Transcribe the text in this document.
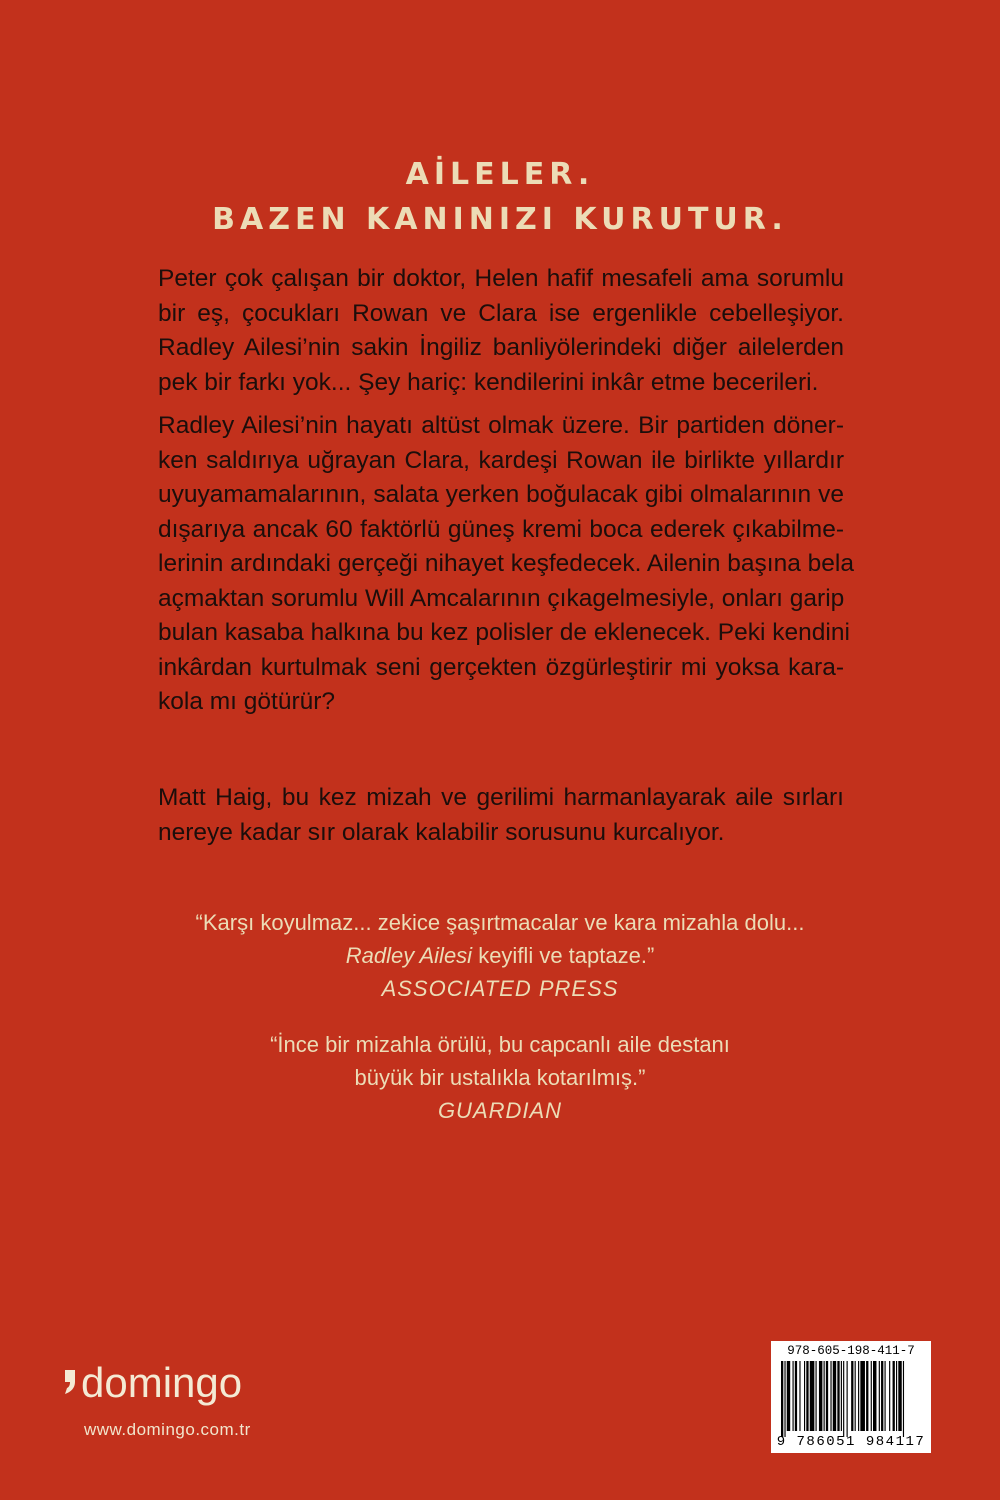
AİLELER.
BAZEN KANINIZI KURUTUR.
Peter çok çalışan bir doktor, Helen hafif mesafeli ama sorumlu
bir eş, çocukları Rowan ve Clara ise ergenlikle cebelleşiyor.
Radley Ailesi’nin sakin İngiliz banliyölerindeki diğer ailelerden
pek bir farkı yok... Şey hariç: kendilerini inkâr etme becerileri.
Radley Ailesi’nin hayatı altüst olmak üzere. Bir partiden döner-
ken saldırıya uğrayan Clara, kardeşi Rowan ile birlikte yıllardır
uyuyamamalarının, salata yerken boğulacak gibi olmalarının ve
dışarıya ancak 60 faktörlü güneş kremi boca ederek çıkabilme-
lerinin ardındaki gerçeği nihayet keşfedecek. Ailenin başına bela
açmaktan sorumlu Will Amcalarının çıkagelmesiyle, onları garip
bulan kasaba halkına bu kez polisler de eklenecek. Peki kendini
inkârdan kurtulmak seni gerçekten özgürleştirir mi yoksa kara-
kola mı götürür?
Matt Haig, bu kez mizah ve gerilimi harmanlayarak aile sırları
nereye kadar sır olarak kalabilir sorusunu kurcalıyor.
“Karşı koyulmaz... zekice şaşırtmacalar ve kara mizahla dolu...
Radley Ailesi keyifli ve taptaze.”
ASSOCIATED PRESS
“İnce bir mizahla örülü, bu capcanlı aile destanı
büyük bir ustalıkla kotarılmış.”
GUARDIAN
domingo
www.domingo.com.tr
978-605-198-411-7
9 786051 984117
